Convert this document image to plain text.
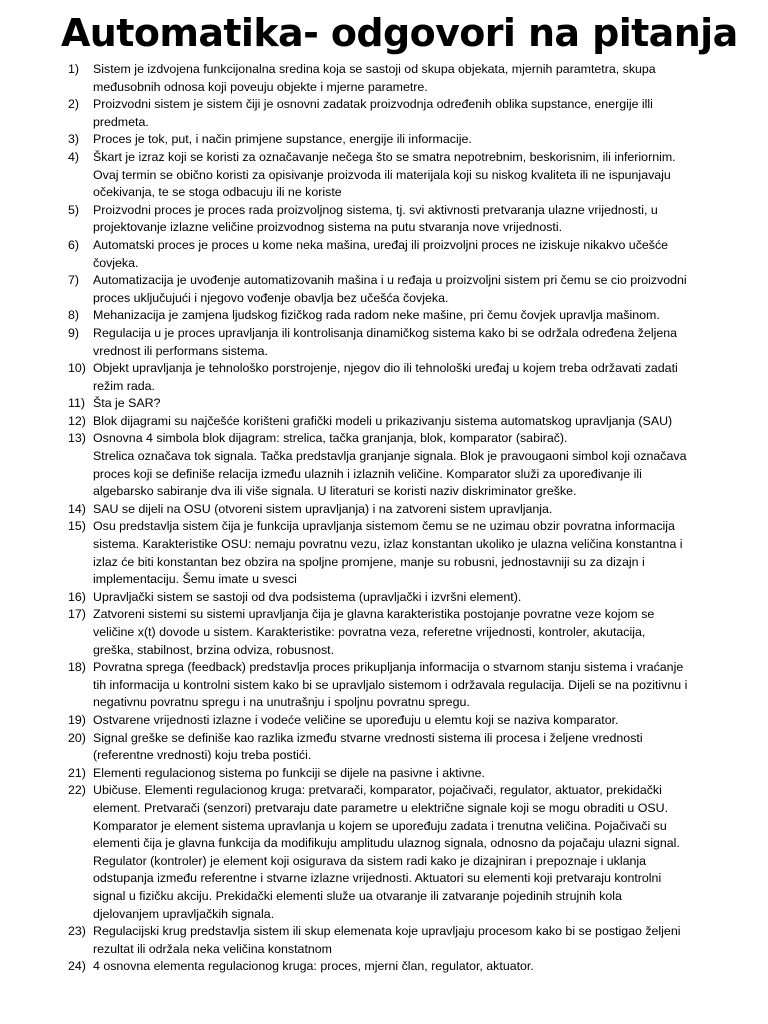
Automatika- odgovori na pitanja
1)	Sistem je izdvojena funkcijonalna sredina koja se sastoji od skupa objekata, mjernih paramtetra, skupa
međusobnih odnosa koji poveuju objekte i mjerne parametre.
2)	Proizvodni sistem je sistem čiji je osnovni zadatak proizvodnja određenih oblika supstance, energije illi
predmeta.
3)	Proces je tok, put, i način primjene supstance, energije ili informacije.
4)	Škart je izraz koji se koristi za označavanje nečega što se smatra nepotrebnim, beskorisnim, ili inferiornim.
Ovaj termin se obično koristi za opisivanje proizvoda ili materijala koji su niskog kvaliteta ili ne ispunjavaju
očekivanja, te se stoga odbacuju ili ne koriste
5)	Proizvodni proces je proces rada proizvoljnog sistema, tj. svi aktivnosti pretvaranja ulazne vrijednosti, u
projektovanje izlazne veličine proizvodnog sistema na putu stvaranja nove vrijednosti.
6)	Automatski proces je proces u kome neka mašina, uređaj ili proizvoljni proces ne iziskuje nikakvo učešće
čovjeka.
7)	Automatizacija je uvođenje automatizovanih mašina i u ređaja u proizvoljni sistem pri čemu se cio proizvodni
proces uključujući i njegovo vođenje obavlja bez učešća čovjeka.
8)	Mehanizacija je zamjena ljudskog fizičkog rada radom neke mašine, pri čemu čovjek upravlja mašinom.
9)	Regulacija u je proces upravljanja ili kontrolisanja dinamičkog sistema kako bi se održala određena željena
vrednost ili performans sistema.
10) Objekt upravljanja je tehnološko porstrojenje, njegov dio ili tehnološki uređaj u kojem treba održavati zadati
režim rada.
11) Šta je SAR?
12) Blok dijagrami su najčešće korišteni grafički modeli u prikazivanju sistema automatskog upravljanja (SAU)
13) Osnovna 4 simbola blok dijagram: strelica, tačka granjanja, blok, komparator (sabirač).
Strelica označava tok signala. Tačka predstavlja granjanje signala. Blok je pravougaoni simbol koji označava
proces koji se definiše relacija između ulaznih i izlaznih veličine. Komparator služi za upoređivanje ili
algebarsko sabiranje dva ili više signala. U literaturi se koristi naziv diskriminator greške.
14) SAU se dijeli na OSU (otvoreni sistem upravljanja) i na zatvoreni sistem upravljanja.
15) Osu predstavlja sistem čija je funkcija upravljanja sistemom čemu se ne uzimau obzir povratna informacija
sistema. Karakteristike OSU: nemaju povratnu vezu, izlaz konstantan ukoliko je ulazna veličina konstantna i
izlaz će biti konstantan bez obzira na spoljne promjene, manje su robusni, jednostavniji su za dizajn i
implementaciju. Šemu imate u svesci
16) Upravljački sistem se sastoji od dva podsistema (upravljački i izvršni element).
17) Zatvoreni sistemi su sistemi upravljanja čija je glavna karakteristika postojanje povratne veze kojom se
veličine x(t) dovode u sistem. Karakteristike: povratna veza, referetne vrijednosti, kontroler, akutacija,
greška, stabilnost, brzina odviza, robusnost.
18) Povratna sprega (feedback) predstavlja proces prikupljanja informacija o stvarnom stanju sistema i vraćanje
tih informacija u kontrolni sistem kako bi se upravljalo sistemom i održavala regulacija. Dijeli se na pozitivnu i
negativnu povratnu spregu i na unutrašnju i spoljnu povratnu spregu.
19) Ostvarene vrijednosti izlazne i vodeće veličine se upoređuju u elemtu koji se naziva komparator.
20) Signal greške se definiše kao razlika između stvarne vrednosti sistema ili procesa i željene vrednosti
(referentne vrednosti) koju treba postići.
21) Elementi regulacionog sistema po funkciji se dijele na pasivne i aktivne.
22) Ubičuse. Elementi regulacionog kruga: pretvarači, komparator, pojačivači, regulator, aktuator, prekidački
element. Pretvarači (senzori) pretvaraju date parametre u električne signale koji se mogu obraditi u OSU.
Komparator je element sistema upravlanja u kojem se upoređuju zadata i trenutna veličina. Pojačivači su
elementi čija je glavna funkcija da modifikuju amplitudu ulaznog signala, odnosno da pojačaju ulazni signal.
Regulator (kontroler) je element koji osigurava da sistem radi kako je dizajniran i prepoznaje i uklanja
odstupanja između referentne i stvarne izlazne vrijednosti. Aktuatori su elementi koji pretvaraju kontrolni
signal u fizičku akciju. Prekidački elementi služe ua otvaranje ili zatvaranje pojedinih strujnih kola
djelovanjem upravljačkih signala.
23) Regulacijski krug predstavlja sistem ili skup elemenata koje upravljaju procesom kako bi se postigao željeni
rezultat ili održala neka veličina konstatnom
24) 4 osnovna elementa regulacionog kruga: proces, mjerni član, regulator, aktuator.
